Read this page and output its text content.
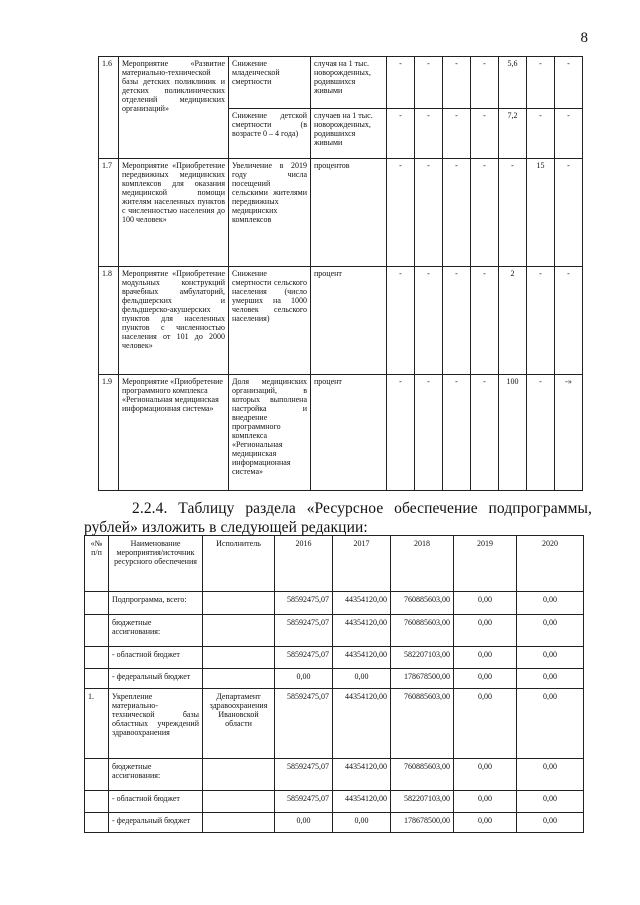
8
1.6	Мероприятие «Развитие материально-технической базы детских поликлиник и детских поликлинических отделений медицинских организаций»	Снижение младенческой смертности	случая на 1 тыс. новорожденных, родившихся живыми	-	-	-	-	5,6	-	-
		Снижение детской смертности (в возрасте 0 – 4 года)	случаев на 1 тыс. новорожденных, родившихся живыми	-	-	-	-	7,2	-	-
1.7	Мероприятие «Приобретение передвижных медицинских комплексов для оказания медицинской помощи жителям населенных пунктов с численностью населения до 100 человек»	Увеличение в 2019 году числа посещений сельскими жителями передвижных медицинских комплексов	процентов	-	-	-	-	-	15	-
1.8	Мероприятие «Приобретение модульных конструкций врачебных амбулаторий, фельдшерских и фельдшерско-акушерских пунктов для населенных пунктов с численностью населения от 101 до 2000 человек»	Снижение смертности сельского населения (число умерших на 1000 человек сельского населения)	процент	-	-	-	-	2	-	-
1.9	Мероприятие «Приобретение программного комплекса «Региональная медицинская информационная система»	Доля медицинских организаций, в которых выполнена настройка и внедрение программного комплекса «Региональная медицинская информационная система»	процент	-	-	-	-	100	-	-»
2.2.4. Таблицу раздела «Ресурсное обеспечение подпрограммы,
рублей» изложить в следующей редакции:
«№ п/п	Наименование мероприятия/источник ресурсного обеспечения	Исполнитель	2016	2017	2018	2019	2020
	Подпрограмма, всего:		58592475,07	44354120,00	760885603,00	0,00	0,00
	бюджетные ассигнования:		58592475,07	44354120,00	760885603,00	0,00	0,00
	- областной бюджет		58592475,07	44354120,00	582207103,00	0,00	0,00
	- федеральный бюджет		0,00	0,00	178678500,00	0,00	0,00
1.	Укрепление материально-технической базы областных учреждений здравоохранения	Департамент здравоохранения Ивановской области	58592475,07	44354120,00	760885603,00	0,00	0,00
	бюджетные ассигнования:		58592475,07	44354120,00	760885603,00	0,00	0,00
	- областной бюджет		58592475,07	44354120,00	582207103,00	0,00	0,00
	- федеральный бюджет		0,00	0,00	178678500,00	0,00	0,00
